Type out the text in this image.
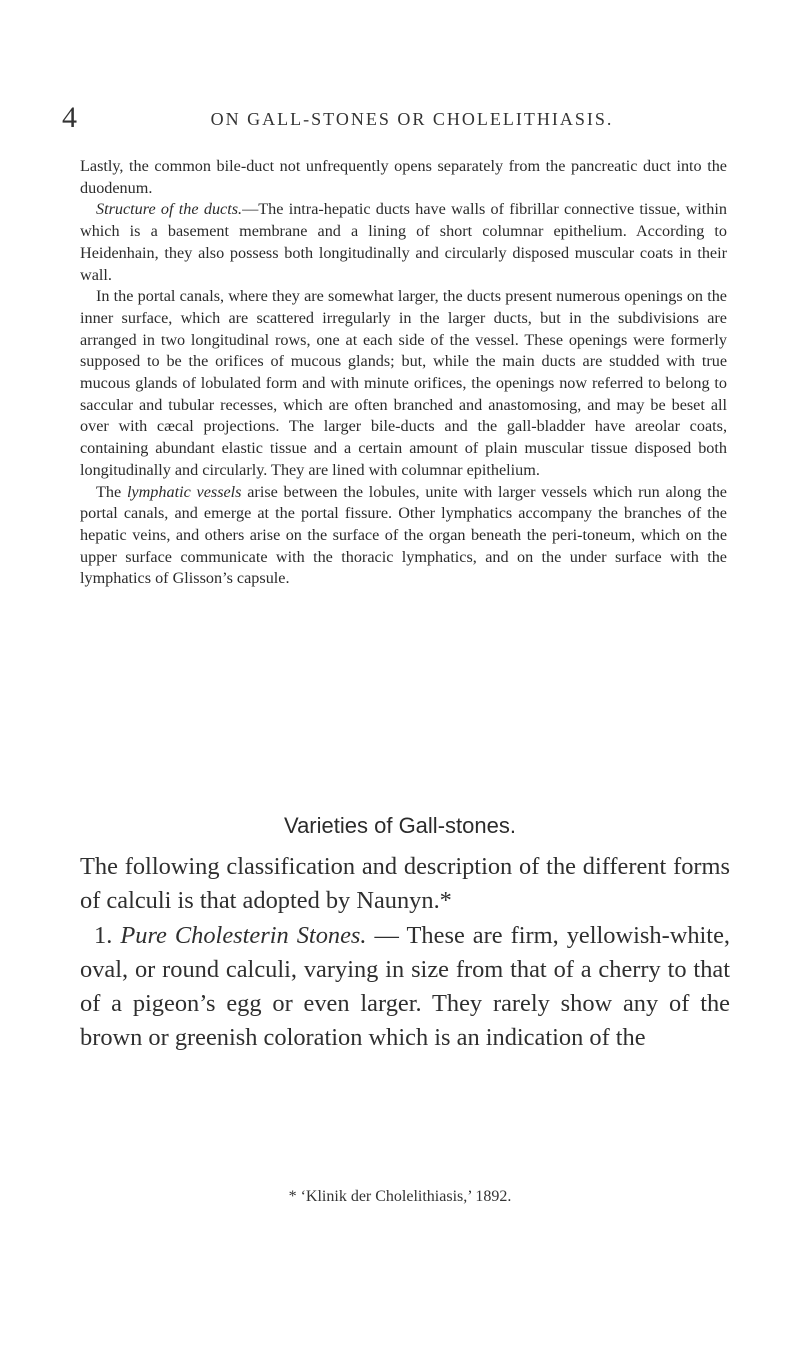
4	ON GALL-STONES OR CHOLELITHIASIS.

Lastly, the common bile-duct not unfrequently opens separately from the pancreatic duct into the duodenum.

Structure of the ducts.—The intra-hepatic ducts have walls of fibrillar connective tissue, within which is a basement membrane and a lining of short columnar epithelium. According to Heidenhain, they also possess both longitudinally and circularly disposed muscular coats in their wall.

In the portal canals, where they are somewhat larger, the ducts present numerous openings on the inner surface, which are scattered irregularly in the larger ducts, but in the subdivisions are arranged in two longitudinal rows, one at each side of the vessel. These openings were formerly supposed to be the orifices of mucous glands; but, while the main ducts are studded with true mucous glands of lobulated form and with minute orifices, the openings now referred to belong to saccular and tubular recesses, which are often branched and anastomosing, and may be beset all over with cæcal projections. The larger bile-ducts and the gall-bladder have areolar coats, containing abundant elastic tissue and a certain amount of plain muscular tissue disposed both longitudinally and circularly. They are lined with columnar epithelium.

The lymphatic vessels arise between the lobules, unite with larger vessels which run along the portal canals, and emerge at the portal fissure. Other lymphatics accompany the branches of the hepatic veins, and others arise on the surface of the organ beneath the peri-toneum, which on the upper surface communicate with the thoracic lymphatics, and on the under surface with the lymphatics of Glisson’s capsule.

Varieties of Gall-stones.

The following classification and description of the different forms of calculi is that adopted by Naunyn.*

1. Pure Cholesterin Stones. — These are firm, yellowish-white, oval, or round calculi, varying in size from that of a cherry to that of a pigeon’s egg or even larger. They rarely show any of the brown or greenish coloration which is an indication of the

* ‘Klinik der Cholelithiasis,’ 1892.
